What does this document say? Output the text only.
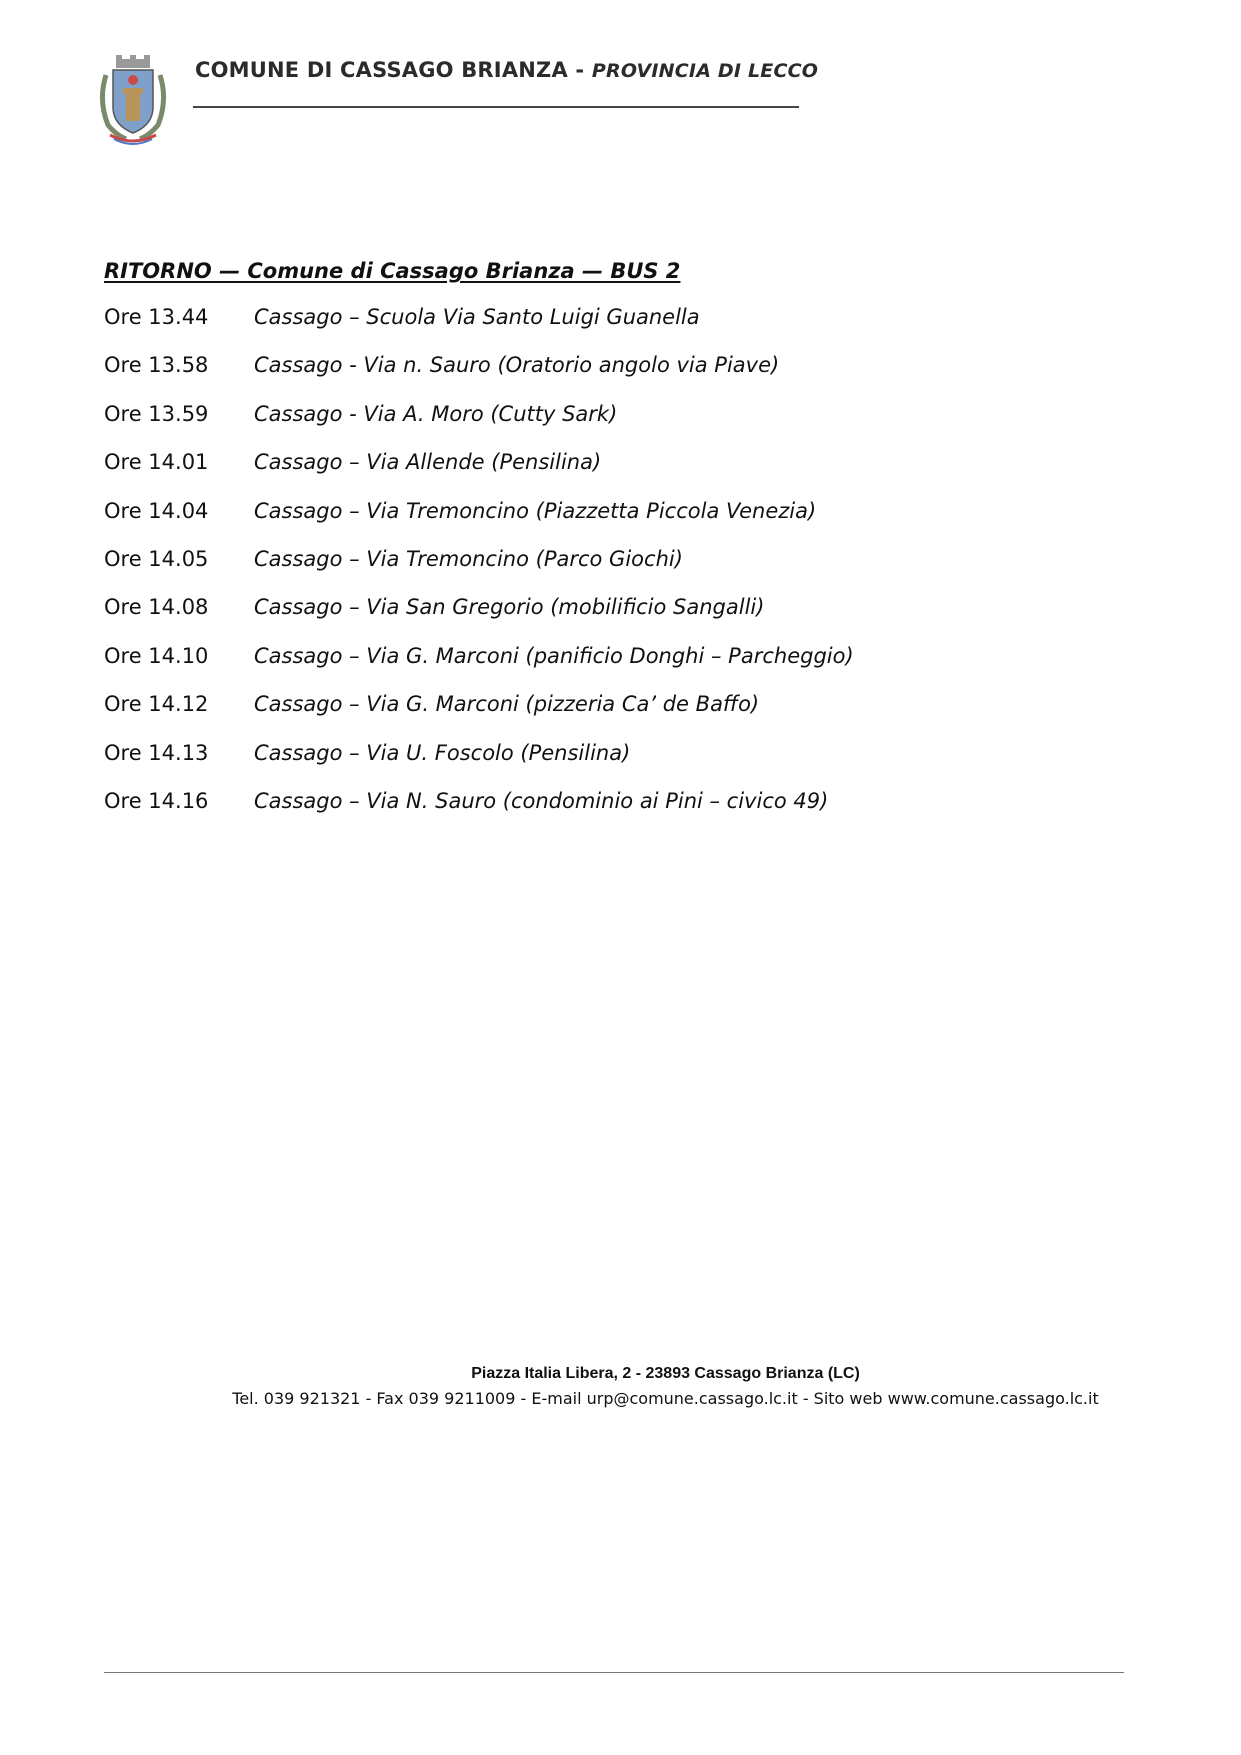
COMUNE DI CASSAGO BRIANZA - PROVINCIA DI LECCO
RITORNO — Comune di Cassago Brianza — BUS 2
Ore 13.44	Cassago – Scuola Via Santo Luigi Guanella
Ore 13.58	Cassago - Via n. Sauro (Oratorio angolo via Piave)
Ore 13.59	Cassago - Via A. Moro (Cutty Sark)
Ore 14.01	Cassago – Via Allende (Pensilina)
Ore 14.04	Cassago – Via Tremoncino (Piazzetta Piccola Venezia)
Ore 14.05	Cassago – Via Tremoncino (Parco Giochi)
Ore 14.08	Cassago – Via San Gregorio (mobilificio Sangalli)
Ore 14.10	Cassago – Via G. Marconi (panificio Donghi – Parcheggio)
Ore 14.12	Cassago – Via G. Marconi (pizzeria Ca’ de Baffo)
Ore 14.13	Cassago – Via U. Foscolo (Pensilina)
Ore 14.16	Cassago – Via N. Sauro (condominio ai Pini – civico 49)
Piazza Italia Libera, 2 - 23893 Cassago Brianza (LC)
Tel. 039 921321 - Fax 039 9211009 - E-mail urp@comune.cassago.lc.it - Sito web www.comune.cassago.lc.it
